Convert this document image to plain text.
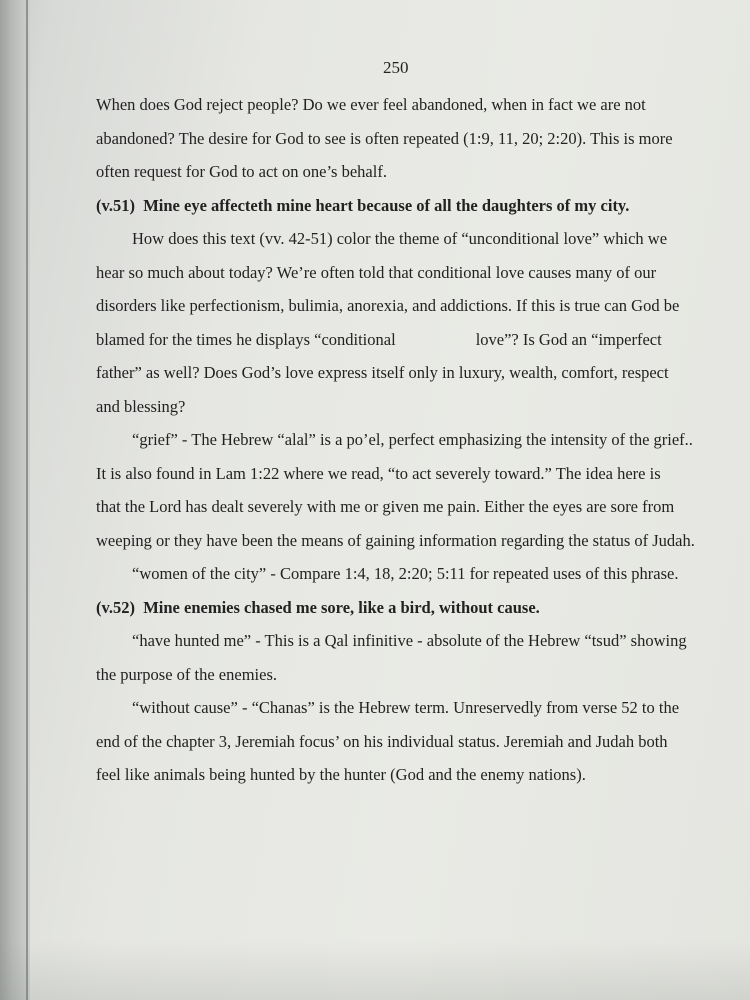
250
When does God reject people? Do we ever feel abandoned, when in fact we are not
abandoned? The desire for God to see is often repeated (1:9, 11, 20; 2:20). This is more
often request for God to act on one’s behalf.
(v.51) Mine eye affecteth mine heart because of all the daughters of my city.
How does this text (vv. 42-51) color the theme of “unconditional love” which we
hear so much about today? We’re often told that conditional love causes many of our
disorders like perfectionism, bulimia, anorexia, and addictions. If this is true can God be
blamed for the times he displays “conditional	love”? Is God an “imperfect
father” as well? Does God’s love express itself only in luxury, wealth, comfort, respect
and blessing?
“grief” - The Hebrew “alal” is a po’el, perfect emphasizing the intensity of the grief..
It is also found in Lam 1:22 where we read, “to act severely toward.” The idea here is
that the Lord has dealt severely with me or given me pain. Either the eyes are sore from
weeping or they have been the means of gaining information regarding the status of Judah.
“women of the city” - Compare 1:4, 18, 2:20; 5:11 for repeated uses of this phrase.
(v.52) Mine enemies chased me sore, like a bird, without cause.
“have hunted me” - This is a Qal infinitive - absolute of the Hebrew “tsud” showing
the purpose of the enemies.
“without cause” - “Chanas” is the Hebrew term. Unreservedly from verse 52 to the
end of the chapter 3, Jeremiah focus’ on his individual status. Jeremiah and Judah both
feel like animals being hunted by the hunter (God and the enemy nations).
